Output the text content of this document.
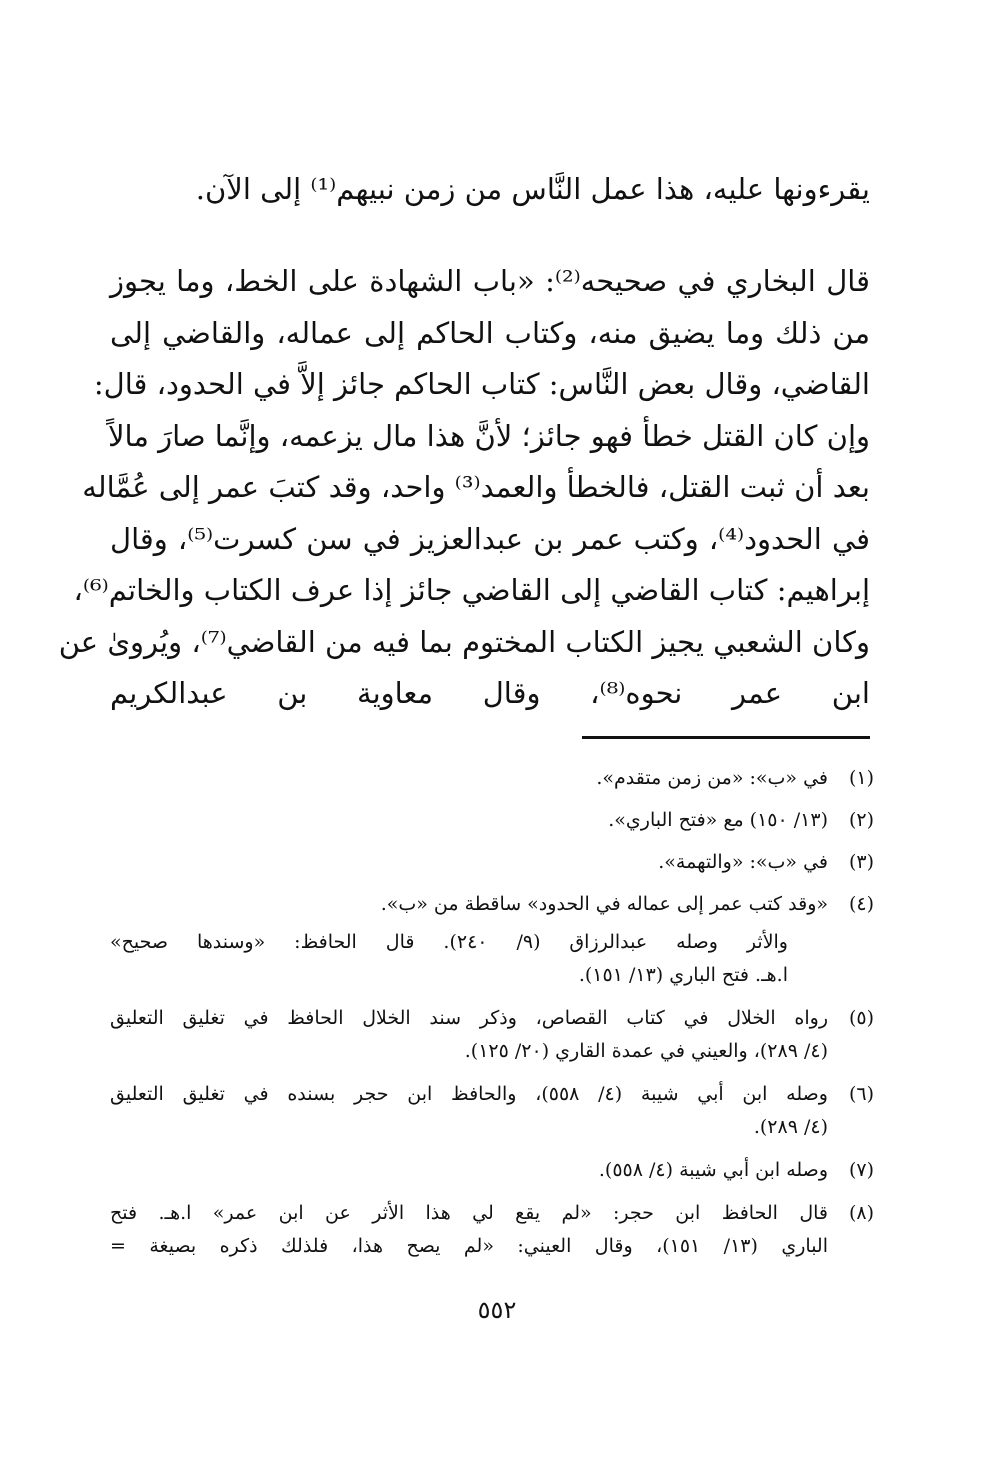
يقرءونها عليه، هذا عمل النَّاس من زمن نبيهم⁽¹⁾ إلى الآن.
قال البخاري في صحيحه⁽²⁾: «باب الشهادة على الخط، وما يجوز
من ذلك وما يضيق منه، وكتاب الحاكم إلى عماله، والقاضي إلى
القاضي، وقال بعض النَّاس: كتاب الحاكم جائز إلاَّ في الحدود، قال:
وإن كان القتل خطأ فهو جائز؛ لأنَّ هذا مال يزعمه، وإنَّما صارَ مالاً
بعد أن ثبت القتل، فالخطأ والعمد⁽³⁾ واحد، وقد كتبَ عمر إلى عُمَّاله
في الحدود⁽⁴⁾، وكتب عمر بن عبدالعزيز في سن كسرت⁽⁵⁾، وقال
إبراهيم: كتاب القاضي إلى القاضي جائز إذا عرف الكتاب والخاتم⁽⁶⁾،
وكان الشعبي يجيز الكتاب المختوم بما فيه من القاضي⁽⁷⁾، ويُروىٰ عن
ابن عمر نحوه⁽⁸⁾، وقال معاوية بن عبدالكريم
(١)
في «ب»: «من زمن متقدم».
(٢)
(١٣/ ١٥٠) مع «فتح الباري».
(٣)
في «ب»: «والتهمة».
(٤)
«وقد كتب عمر إلى عماله في الحدود» ساقطة من «ب».
والأثر وصله عبدالرزاق (٩/ ٢٤٠). قال الحافظ: «وسندها صحيح»
ا.هـ. فتح الباري (١٣/ ١٥١).
(٥)
رواه الخلال في كتاب القصاص، وذكر سند الخلال الحافظ في تغليق التعليق
(٤/ ٢٨٩)، والعيني في عمدة القاري (٢٠/ ١٢٥).
(٦)
وصله ابن أبي شيبة (٤/ ٥٥٨)، والحافظ ابن حجر بسنده في تغليق التعليق
(٤/ ٢٨٩).
(٧)
وصله ابن أبي شيبة (٤/ ٥٥٨).
(٨)
قال الحافظ ابن حجر: «لم يقع لي هذا الأثر عن ابن عمر» ا.هـ. فتح
الباري (١٣/ ١٥١)، وقال العيني: «لم يصح هذا، فلذلك ذكره بصيغة =
٥٥٢
